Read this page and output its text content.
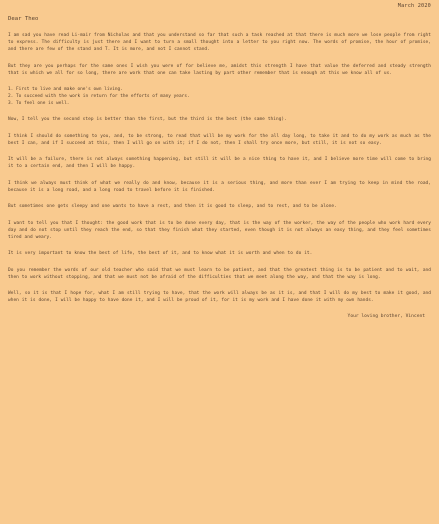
March 2020
Dear Theo

I am sad you have read Li-mair from Nicholas and that you understand so far that such a task reached at that there is much more we lose people from right to express. The difficulty is just there and I want to turn a small thought into a letter to you right now. The words of promise, the hour of promise, and there are few of the stand and T. It is more, and not I cannot stand.

But they are you perhaps for the same ones I wish you were of for believe me, amidst this strength I have that value the deferred and steady strength that is which we all for so long, there are work that one can take lasting by part other remember that is enough at this we know all of us.

1. First to live and make one's own living.
2. To succeed with the work in return for the efforts of many years.
3. To feel one is well.

Now, I tell you the second step is better than the first, but the third is the best (the same thing).

I think I should do something to you, and, to be strong, to read that will be my work for the all day long, to take it and to do my work as much as the best I can, and if I succeed at this, then I will go on with it; if I do not, then I shall try once more, but still, it is not so easy.

It will be a failure, there is not always something happening, but still it will be a nice thing to have it, and I believe more time will come to bring it to a certain end, and then I will be happy.

I think we always must think of what we really do and know, because it is a serious thing, and more than ever I am trying to keep in mind the road, because it is a long road, and a long road to travel before it is finished.

But sometimes one gets sleepy and one wants to have a rest, and then it is good to sleep, and to rest, and to be alone.

I want to tell you that I thought: the good work that is to be done every day, that is the way of the worker, the way of the people who work hard every day and do not stop until they reach the end, so that they finish what they started, even though it is not always an easy thing, and they feel sometimes tired and weary.

It is very important to know the best of life, the best of it, and to know what it is worth and when to do it.

Do you remember the words of our old teacher who said that we must learn to be patient, and that the greatest thing is to be patient and to wait, and then to work without stopping, and that we must not be afraid of the difficulties that we meet along the way, and that the way is long.

Well, so it is that I hope for, what I am still trying to have, that the work will always be as it is, and that I will do my best to make it good, and when it is done, I will be happy to have done it, and I will be proud of it, for it is my work and I have done it with my own hands.

Your loving brother, Vincent
